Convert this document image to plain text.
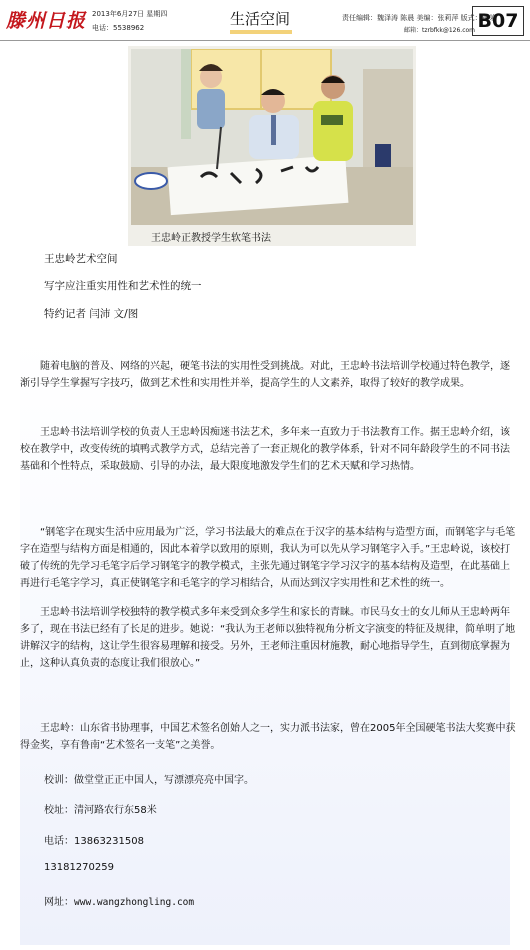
滕州日报 2013年6月27日 星期四
电话：5538962	生活空间	责任编辑：魏泽涛 陈晨 美编：张莉萍 版式：黄荣
邮箱：tzrbfkk@126.com B07
王忠岭正教授学生软笔书法
王忠岭艺术空间
写字应注重实用性和艺术性的统一
特约记者 闫沛 文/图

随着电脑的普及、网络的兴起，硬笔书法的实用性受到挑战。对此，王忠岭书法培训学校通过特色教学，逐渐引导学生掌握写字技巧，做到艺术性和实用性并举，提高学生的人文素养，取得了较好的教学成果。

王忠岭书法培训学校的负责人王忠岭因痴迷书法艺术，多年来一直致力于书法教育工作。据王忠岭介绍，该校在教学中，改变传统的填鸭式教学方式，总结完善了一套正规化的教学体系，针对不同年龄段学生的不同书法基础和个性特点，采取鼓励、引导的办法，最大限度地激发学生们的艺术天赋和学习热情。

“钢笔字在现实生活中应用最为广泛，学习书法最大的难点在于汉字的基本结构与造型方面，而钢笔字与毛笔字在造型与结构方面是相通的，因此本着学以致用的原则，我认为可以先从学习钢笔字入手。”王忠岭说，该校打破了传统的先学习毛笔字后学习钢笔字的教学模式，主张先通过钢笔字学习汉字的基本结构及造型，在此基础上再进行毛笔字学习，真正使钢笔字和毛笔字的学习相结合，从而达到汉字实用性和艺术性的统一。

王忠岭书法培训学校独特的教学模式多年来受到众多学生和家长的青睐。市民马女士的女儿师从王忠岭两年多了，现在书法已经有了长足的进步。她说：“我认为王老师以独特视角分析文字演变的特征及规律，简单明了地讲解汉字的结构，这让学生很容易理解和接受。另外，王老师注重因材施教，耐心地指导学生，直到彻底掌握为止，这种认真负责的态度让我们很放心。”

王忠岭：山东省书协理事，中国艺术签名创始人之一，实力派书法家，曾在2005年全国硬笔书法大奖赛中获得金奖，享有鲁南“艺术签名一支笔”之美誉。

校训：做堂堂正正中国人，写漂漂亮亮中国字。
校址：清河路农行东58米
电话：13863231508
13181270259
网址：www.wangzhongling.com
